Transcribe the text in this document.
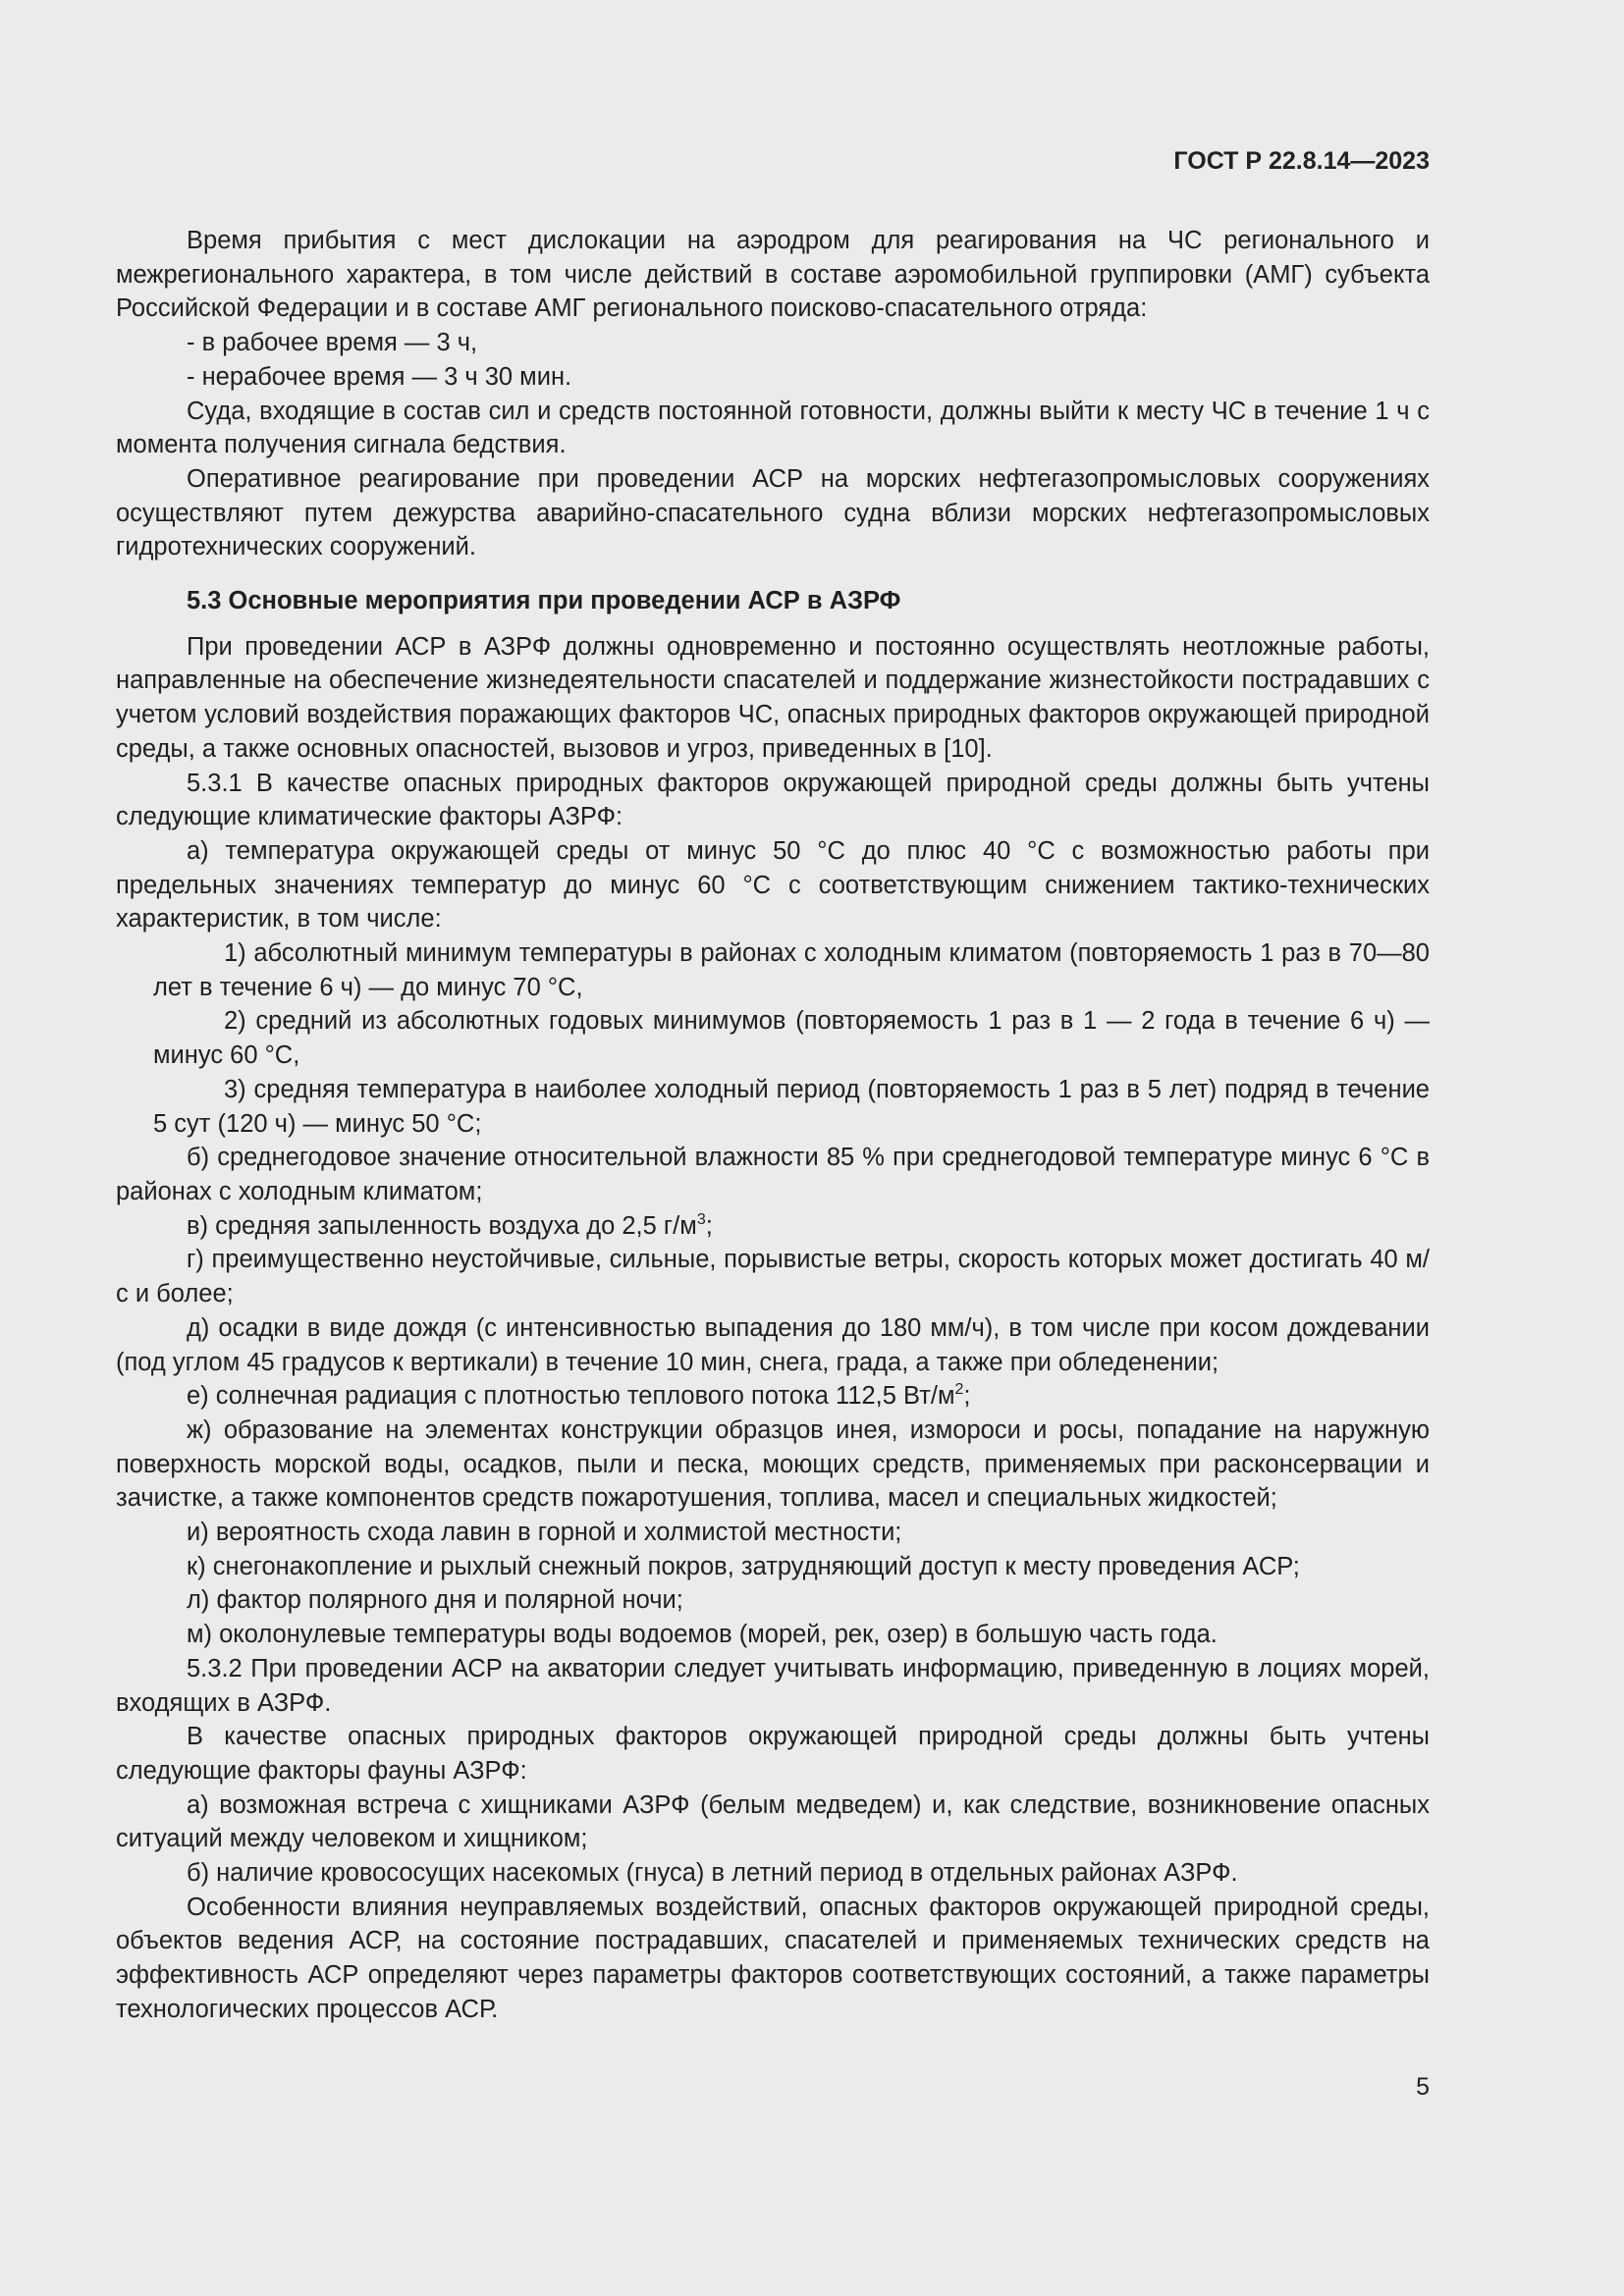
ГОСТ Р 22.8.14—2023

Время прибытия с мест дислокации на аэродром для реагирования на ЧС регионального и межрегионального характера, в том числе действий в составе аэромобильной группировки (АМГ) субъекта Российской Федерации и в составе АМГ регионального поисково-спасательного отряда:

- в рабочее время — 3 ч,

- нерабочее время — 3 ч 30 мин.

Суда, входящие в состав сил и средств постоянной готовности, должны выйти к месту ЧС в течение 1 ч с момента получения сигнала бедствия.

Оперативное реагирование при проведении АСР на морских нефтегазопромысловых сооружениях осуществляют путем дежурства аварийно-спасательного судна вблизи морских нефтегазопромысловых гидротехнических сооружений.

5.3 Основные мероприятия при проведении АСР в АЗРФ

При проведении АСР в АЗРФ должны одновременно и постоянно осуществлять неотложные работы, направленные на обеспечение жизнедеятельности спасателей и поддержание жизнестойкости пострадавших с учетом условий воздействия поражающих факторов ЧС, опасных природных факторов окружающей природной среды, а также основных опасностей, вызовов и угроз, приведенных в [10].

5.3.1 В качестве опасных природных факторов окружающей природной среды должны быть учтены следующие климатические факторы АЗРФ:

а) температура окружающей среды от минус 50 °C до плюс 40 °C с возможностью работы при предельных значениях температур до минус 60 °C с соответствующим снижением тактико-технических характеристик, в том числе:

1) абсолютный минимум температуры в районах с холодным климатом (повторяемость 1 раз в 70—80 лет в течение 6 ч) — до минус 70 °C,

2) средний из абсолютных годовых минимумов (повторяемость 1 раз в 1 — 2 года в течение 6 ч) — минус 60 °C,

3) средняя температура в наиболее холодный период (повторяемость 1 раз в 5 лет) подряд в течение 5 сут (120 ч) — минус 50 °C;

б) среднегодовое значение относительной влажности 85 % при среднегодовой температуре минус 6 °C в районах с холодным климатом;

в) средняя запыленность воздуха до 2,5 $г/м^3$;

г) преимущественно неустойчивые, сильные, порывистые ветры, скорость которых может достигать 40 м/с и более;

д) осадки в виде дождя (с интенсивностью выпадения до 180 мм/ч), в том числе при косом дождевании (под углом 45 градусов к вертикали) в течение 10 мин, снега, града, а также при обледенении;

е) солнечная радиация с плотностью теплового потока 112,5 $Вт/м^2$;

ж) образование на элементах конструкции образцов инея, измороси и росы, попадание на наружную поверхность морской воды, осадков, пыли и песка, моющих средств, применяемых при расконсервации и зачистке, а также компонентов средств пожаротушения, топлива, масел и специальных жидкостей;

и) вероятность схода лавин в горной и холмистой местности;

к) снегонакопление и рыхлый снежный покров, затрудняющий доступ к месту проведения АСР;

л) фактор полярного дня и полярной ночи;

м) околонулевые температуры воды водоемов (морей, рек, озер) в большую часть года.

5.3.2 При проведении АСР на акватории следует учитывать информацию, приведенную в лоциях морей, входящих в АЗРФ.

В качестве опасных природных факторов окружающей природной среды должны быть учтены следующие факторы фауны АЗРФ:

а) возможная встреча с хищниками АЗРФ (белым медведем) и, как следствие, возникновение опасных ситуаций между человеком и хищником;

б) наличие кровососущих насекомых (гнуса) в летний период в отдельных районах АЗРФ.

Особенности влияния неуправляемых воздействий, опасных факторов окружающей природной среды, объектов ведения АСР, на состояние пострадавших, спасателей и применяемых технических средств на эффективность АСР определяют через параметры факторов соответствующих состояний, а также параметры технологических процессов АСР.

5
